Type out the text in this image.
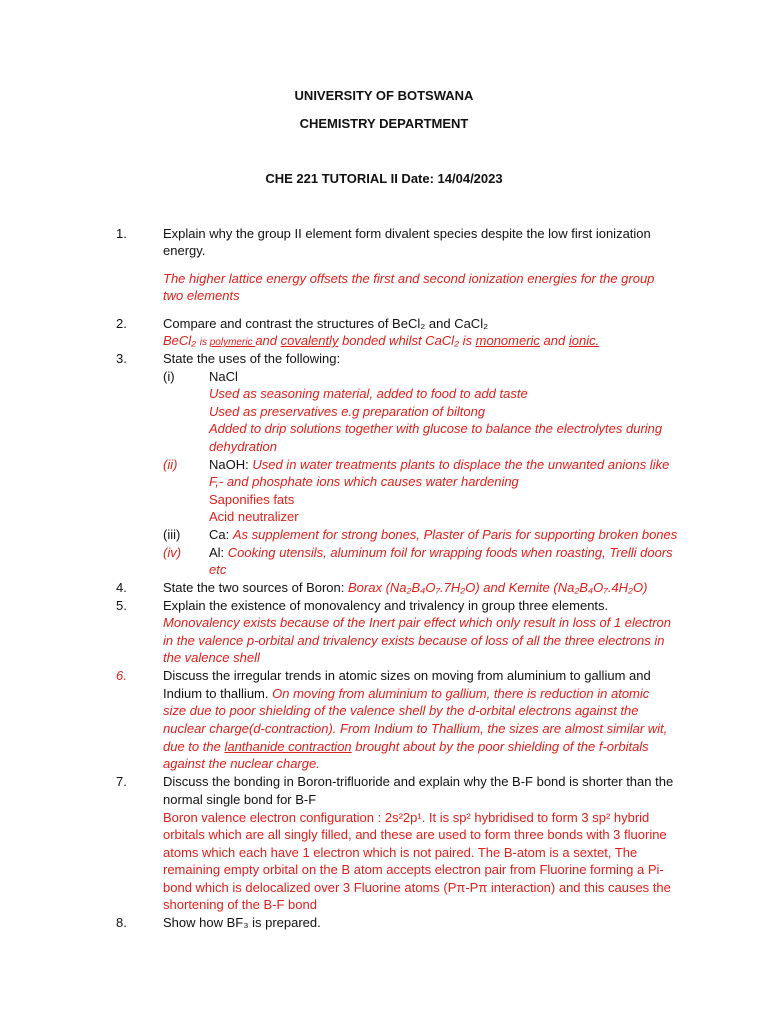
UNIVERSITY OF BOTSWANA
CHEMISTRY DEPARTMENT
CHE 221 TUTORIAL II Date: 14/04/2023
1.	Explain why the group II element form divalent species despite the low first ionization
energy.
The higher lattice energy offsets the first and second ionization energies for the group
two elements
2.	Compare and contrast the structures of BeCl₂ and CaCl₂
BeCl₂ is polymeric and covalently bonded whilst CaCl₂ is monomeric and ionic.
3.	State the uses of the following:
(i)	NaCl
Used as seasoning material, added to food to add taste
Used as preservatives e.g preparation of biltong
Added to drip solutions together with glucose to balance the electrolytes during
dehydration
(ii) NaOH: Used in water treatments plants to displace the the unwanted anions like
F,- and phosphate ions which causes water hardening
Saponifies fats
Acid neutralizer
(iii) Ca: As supplement for strong bones, Plaster of Paris for supporting broken bones
(iv) Al: Cooking utensils, aluminum foil for wrapping foods when roasting, Trelli doors
etc
4.	State the two sources of Boron: Borax (Na₂B₄O₇.7H₂O) and Kernite (Na₂B₄O₇.4H₂O)
5.	Explain the existence of monovalency and trivalency in group three elements.
Monovalency exists because of the Inert pair effect which only result in loss of 1 electron
in the valence p-orbital and trivalency exists because of loss of all the three electrons in
the valence shell
6.	Discuss the irregular trends in atomic sizes on moving from aluminium to gallium and
Indium to thallium. On moving from aluminium to gallium, there is reduction in atomic
size due to poor shielding of the valence shell by the d-orbital electrons against the
nuclear charge(d-contraction). From Indium to Thallium, the sizes are almost similar wit,
due to the lanthanide contraction brought about by the poor shielding of the f-orbitals
against the nuclear charge.
7.	Discuss the bonding in Boron-trifluoride and explain why the B-F bond is shorter than the
normal single bond for B-F
Boron valence electron configuration : 2s²2p¹. It is sp² hybridised to form 3 sp² hybrid
orbitals which are all singly filled, and these are used to form three bonds with 3 fluorine
atoms which each have 1 electron which is not paired. The B-atom is a sextet, The
remaining empty orbital on the B atom accepts electron pair from Fluorine forming a Pi-
bond which is delocalized over 3 Fluorine atoms (Pπ-Pπ interaction) and this causes the
shortening of the B-F bond
8.	Show how BF₃ is prepared.
